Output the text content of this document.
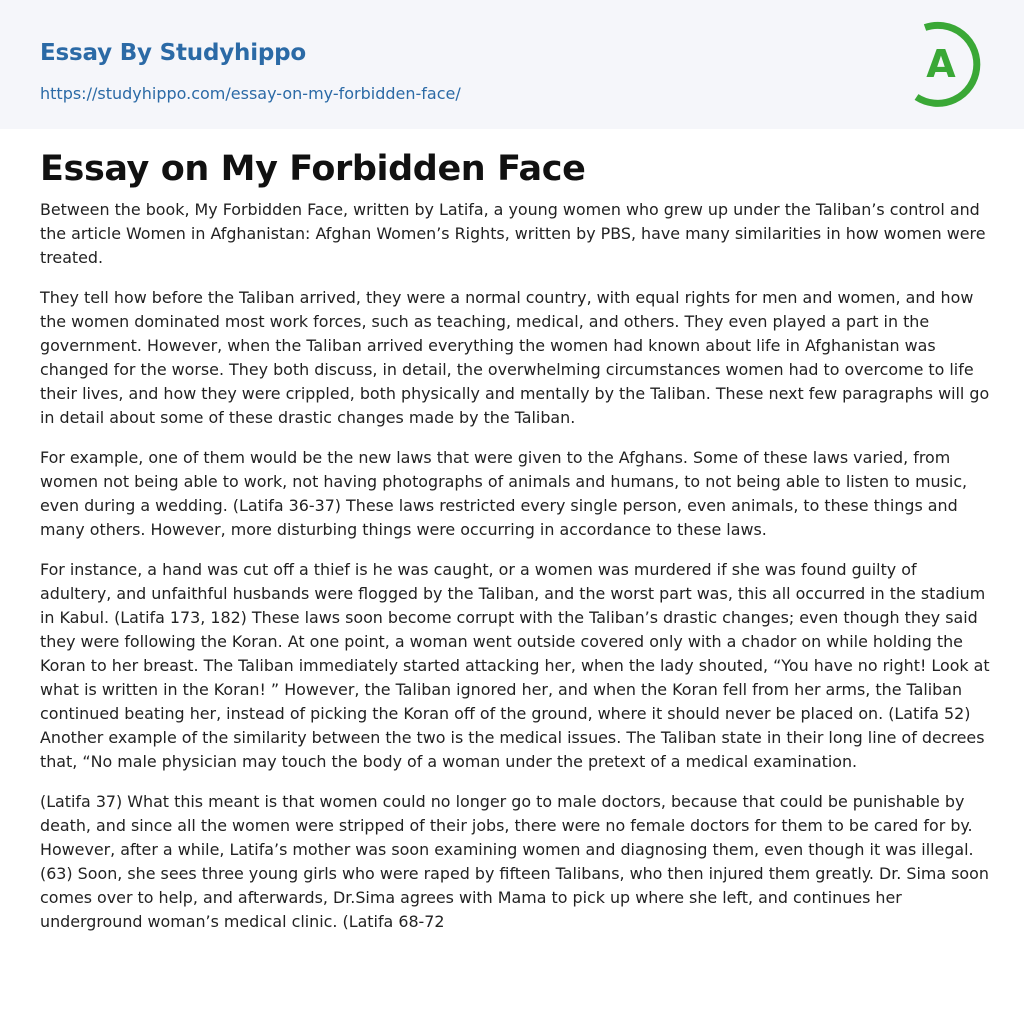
Essay By Studyhippo
https://studyhippo.com/essay-on-my-forbidden-face/
A
Essay on My Forbidden Face

Between the book, My Forbidden Face, written by Latifa, a young women who grew up under the Taliban’s control and the article Women in Afghanistan: Afghan Women’s Rights, written by PBS, have many similarities in how women were treated.

They tell how before the Taliban arrived, they were a normal country, with equal rights for men and women, and how the women dominated most work forces, such as teaching, medical, and others. They even played a part in the government. However, when the Taliban arrived everything the women had known about life in Afghanistan was changed for the worse. They both discuss, in detail, the overwhelming circumstances women had to overcome to life their lives, and how they were crippled, both physically and mentally by the Taliban. These next few paragraphs will go in detail about some of these drastic changes made by the Taliban.

For example, one of them would be the new laws that were given to the Afghans. Some of these laws varied, from women not being able to work, not having photographs of animals and humans, to not being able to listen to music, even during a wedding. (Latifa 36-37) These laws restricted every single person, even animals, to these things and many others. However, more disturbing things were occurring in accordance to these laws.

For instance, a hand was cut off a thief is he was caught, or a women was murdered if she was found guilty of adultery, and unfaithful husbands were flogged by the Taliban, and the worst part was, this all occurred in the stadium in Kabul. (Latifa 173, 182) These laws soon become corrupt with the Taliban’s drastic changes; even though they said they were following the Koran. At one point, a woman went outside covered only with a chador on while holding the Koran to her breast. The Taliban immediately started attacking her, when the lady shouted, “You have no right! Look at what is written in the Koran! ” However, the Taliban ignored her, and when the Koran fell from her arms, the Taliban continued beating her, instead of picking the Koran off of the ground, where it should never be placed on. (Latifa 52) Another example of the similarity between the two is the medical issues. The Taliban state in their long line of decrees that, “No male physician may touch the body of a woman under the pretext of a medical examination.

(Latifa 37) What this meant is that women could no longer go to male doctors, because that could be punishable by death, and since all the women were stripped of their jobs, there were no female doctors for them to be cared for by. However, after a while, Latifa’s mother was soon examining women and diagnosing them, even though it was illegal. (63) Soon, she sees three young girls who were raped by fifteen Talibans, who then injured them greatly. Dr. Sima soon comes over to help, and afterwards, Dr.Sima agrees with Mama to pick up where she left, and continues her underground woman’s medical clinic. (Latifa 68-72
